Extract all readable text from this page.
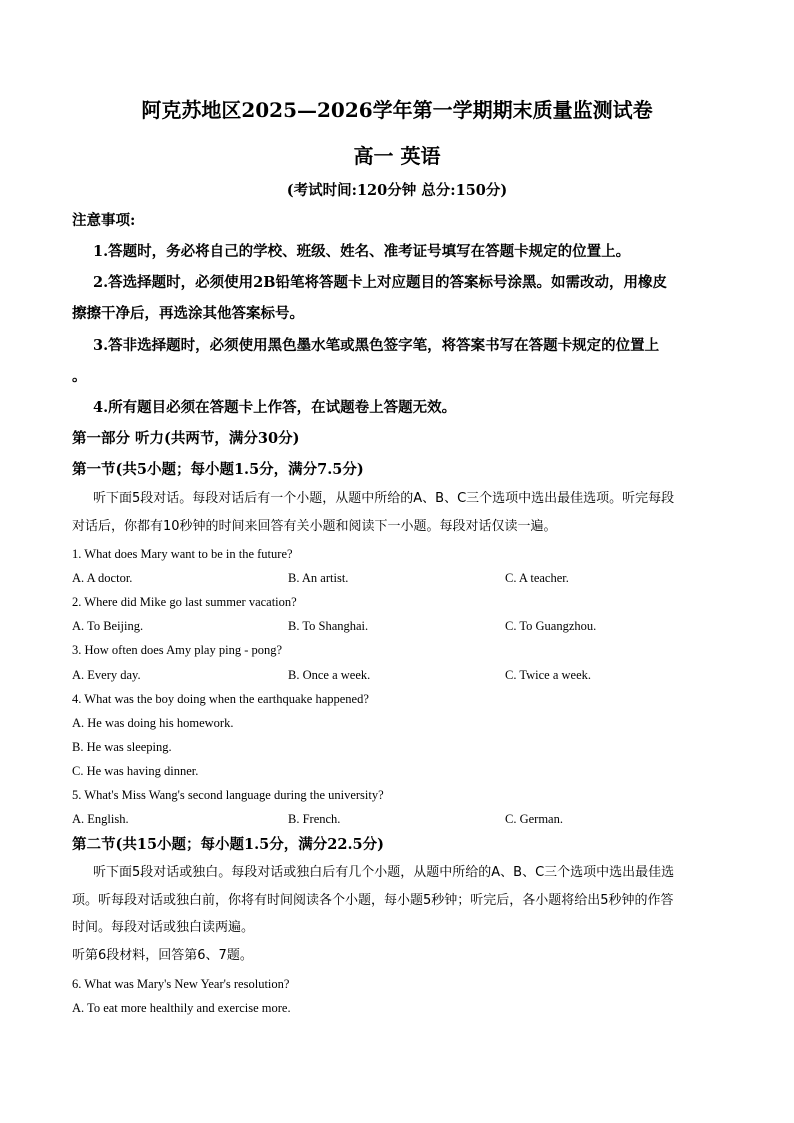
阿克苏地区2025—2026学年第一学期期末质量监测试卷
高一 英语
(考试时间:120分钟 总分:150分)
注意事项:
1.答题时，务必将自己的学校、班级、姓名、准考证号填写在答题卡规定的位置上。
2.答选择题时，必须使用2B铅笔将答题卡上对应题目的答案标号涂黑。如需改动，用橡皮
擦擦干净后，再选涂其他答案标号。
3.答非选择题时，必须使用黑色墨水笔或黑色签字笔，将答案书写在答题卡规定的位置上
。
4.所有题目必须在答题卡上作答，在试题卷上答题无效。
第一部分 听力(共两节，满分30分)
第一节(共5小题；每小题1.5分，满分7.5分)
听下面5段对话。每段对话后有一个小题，从题中所给的A、B、C三个选项中选出最佳选项。听完每段
对话后，你都有10秒钟的时间来回答有关小题和阅读下一小题。每段对话仅读一遍。
1. What does Mary want to be in the future?
A. A doctor.	B. An artist.	C. A teacher.
2. Where did Mike go last summer vacation?
A. To Beijing.	B. To Shanghai.	C. To Guangzhou.
3. How often does Amy play ping - pong?
A. Every day.	B. Once a week.	C. Twice a week.
4. What was the boy doing when the earthquake happened?
A. He was doing his homework.
B. He was sleeping.
C. He was having dinner.
5. What's Miss Wang's second language during the university?
A. English.	B. French.	C. German.
第二节(共15小题；每小题1.5分，满分22.5分)
听下面5段对话或独白。每段对话或独白后有几个小题，从题中所给的A、B、C三个选项中选出最佳选
项。听每段对话或独白前，你将有时间阅读各个小题，每小题5秒钟；听完后，各小题将给出5秒钟的作答
时间。每段对话或独白读两遍。
听第6段材料，回答第6、7题。
6. What was Mary's New Year's resolution?
A. To eat more healthily and exercise more.
